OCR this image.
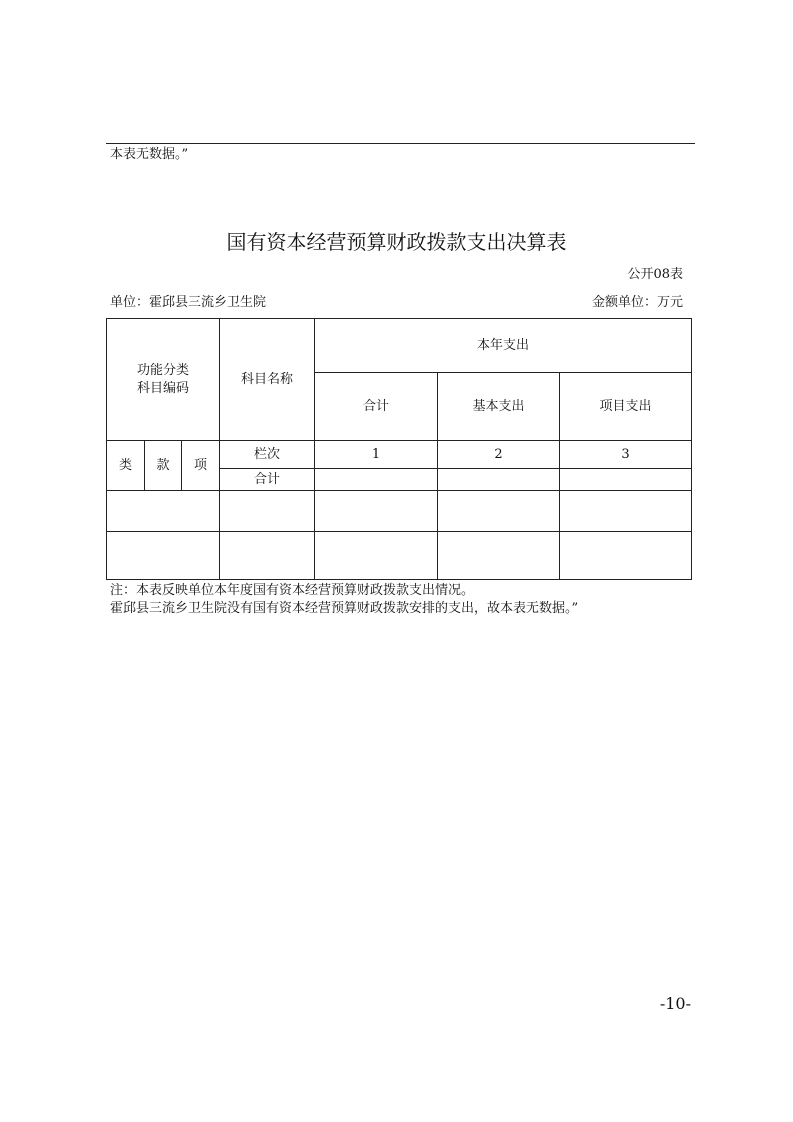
本表无数据。”
国有资本经营预算财政拨款支出决算表
公开08表
单位：霍邱县三流乡卫生院	金额单位：万元
功能分类
科目编码			科目名称	本年支出		
				合计	基本支出	项目支出
类	款	项	栏次	1	2	3
			合计			

注：本表反映单位本年度国有资本经营预算财政拨款支出情况。
霍邱县三流乡卫生院没有国有资本经营预算财政拨款安排的支出，故本表无数据。”
-10-
